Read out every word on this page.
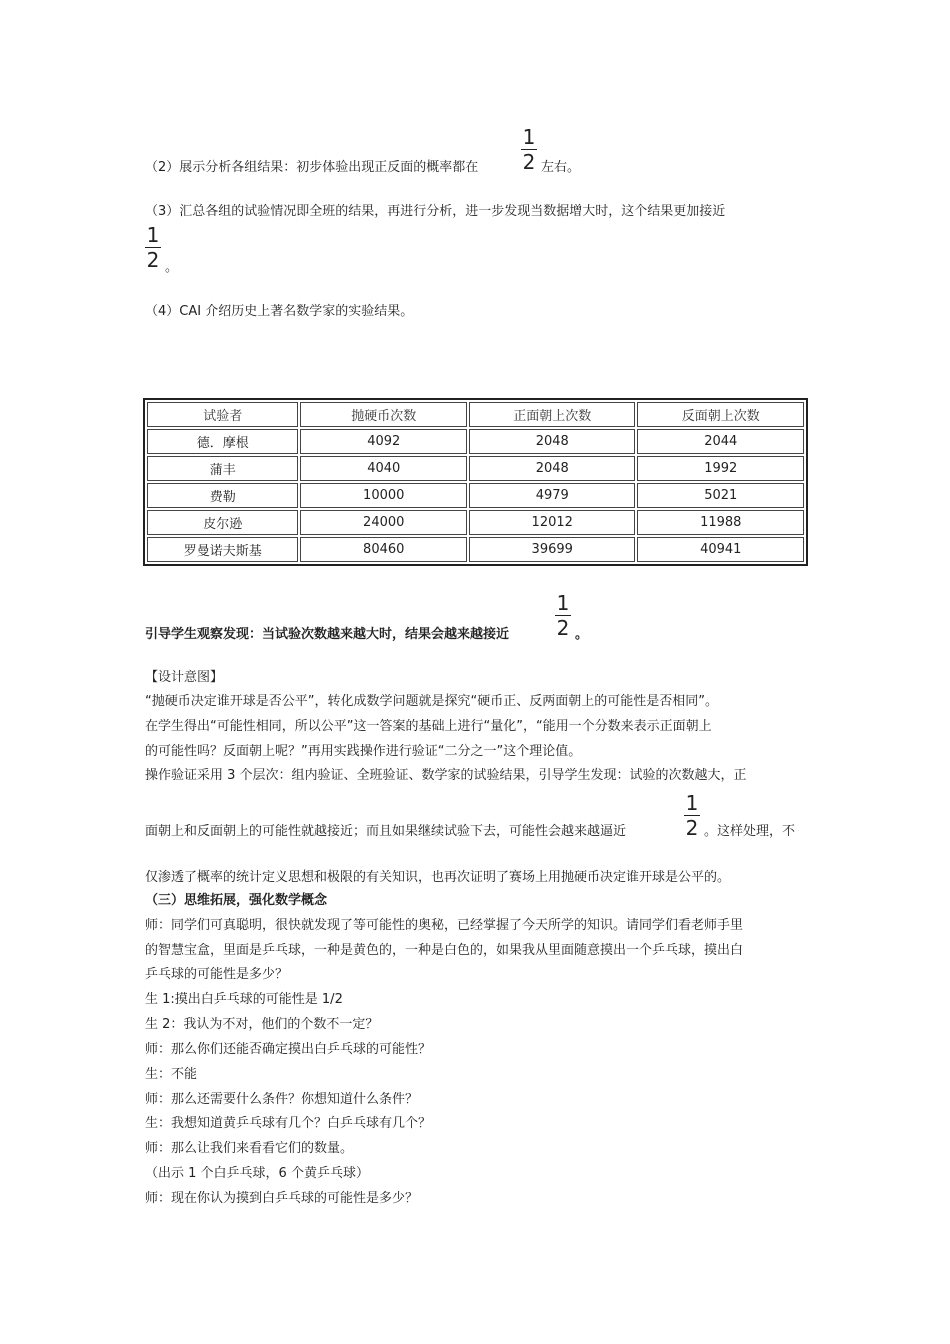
（2）展示分析各组结果：初步体验出现正反面的概率都在
1
2 左右。
（3）汇总各组的试验情况即全班的结果，再进行分析，进一步发现当数据增大时，这个结果更加接近
1
2 。
（4）CAI 介绍历史上著名数学家的实验结果。
试验者	抛硬币次数	正面朝上次数	反面朝上次数
德．摩根	4092	2048	2044
蒲丰	4040	2048	1992
费勒	10000	4979	5021
皮尔逊	24000	12012	11988
罗曼诺夫斯基	80460	39699	40941
引导学生观察发现：当试验次数越来越大时，结果会越来越接近
1
2 。
【设计意图】
“抛硬币决定谁开球是否公平”，转化成数学问题就是探究“硬币正、反两面朝上的可能性是否相同”。
在学生得出“可能性相同，所以公平”这一答案的基础上进行“量化”，“能用一个分数来表示正面朝上
的可能性吗？反面朝上呢？”再用实践操作进行验证“二分之一”这个理论值。
操作验证采用 3 个层次：组内验证、全班验证、数学家的试验结果，引导学生发现：试验的次数越大，正
面朝上和反面朝上的可能性就越接近；而且如果继续试验下去，可能性会越来越逼近
1
2 。这样处理，不
仅渗透了概率的统计定义思想和极限的有关知识，也再次证明了赛场上用抛硬币决定谁开球是公平的。
（三）思维拓展，强化数学概念
师：同学们可真聪明，很快就发现了等可能性的奥秘，已经掌握了今天所学的知识。请同学们看老师手里
的智慧宝盒，里面是乒乓球，一种是黄色的，一种是白色的，如果我从里面随意摸出一个乒乓球，摸出白
乒乓球的可能性是多少？
生 1:摸出白乒乓球的可能性是 1/2
生 2：我认为不对，他们的个数不一定？
师：那么你们还能否确定摸出白乒乓球的可能性？
生：不能
师：那么还需要什么条件？你想知道什么条件？
生：我想知道黄乒乓球有几个？白乒乓球有几个？
师：那么让我们来看看它们的数量。
（出示 1 个白乒乓球，6 个黄乒乓球）
师：现在你认为摸到白乒乓球的可能性是多少？
